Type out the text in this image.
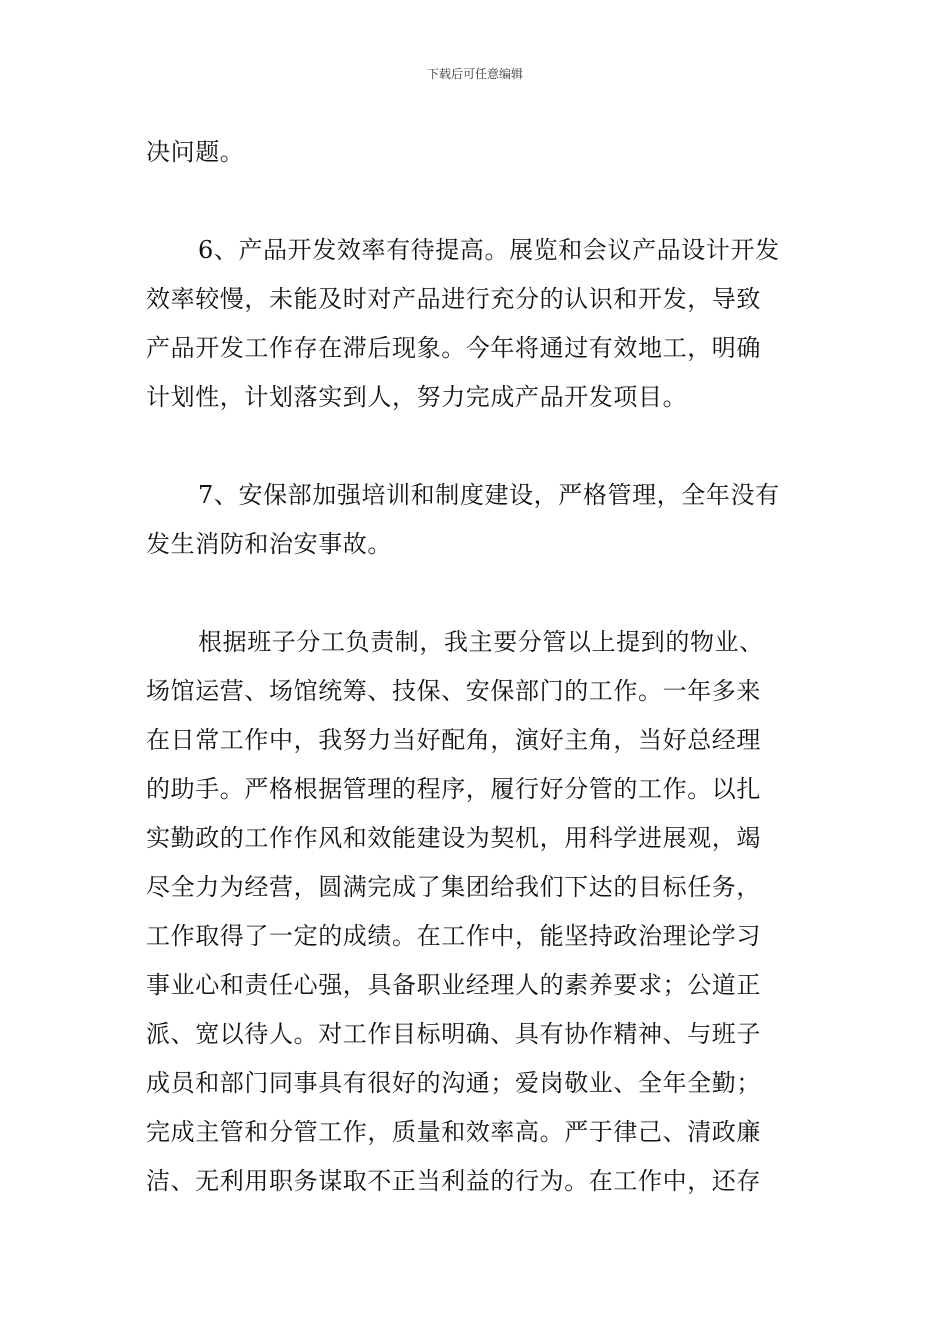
下载后可任意编辑
决问题。
6、产品开发效率有待提高。展览和会议产品设计开发
效率较慢，未能及时对产品进行充分的认识和开发，导致
产品开发工作存在滞后现象。今年将通过有效地工，明确
计划性，计划落实到人，努力完成产品开发项目。
7、安保部加强培训和制度建设，严格管理，全年没有
发生消防和治安事故。
根据班子分工负责制，我主要分管以上提到的物业、
场馆运营、场馆统筹、技保、安保部门的工作。一年多来
在日常工作中，我努力当好配角，演好主角，当好总经理
的助手。严格根据管理的程序，履行好分管的工作。以扎
实勤政的工作作风和效能建设为契机，用科学进展观，竭
尽全力为经营，圆满完成了集团给我们下达的目标任务，
工作取得了一定的成绩。在工作中，能坚持政治理论学习
事业心和责任心强，具备职业经理人的素养要求；公道正
派、宽以待人。对工作目标明确、具有协作精神、与班子
成员和部门同事具有很好的沟通；爱岗敬业、全年全勤；
完成主管和分管工作，质量和效率高。严于律己、清政廉
洁、无利用职务谋取不正当利益的行为。在工作中，还存
